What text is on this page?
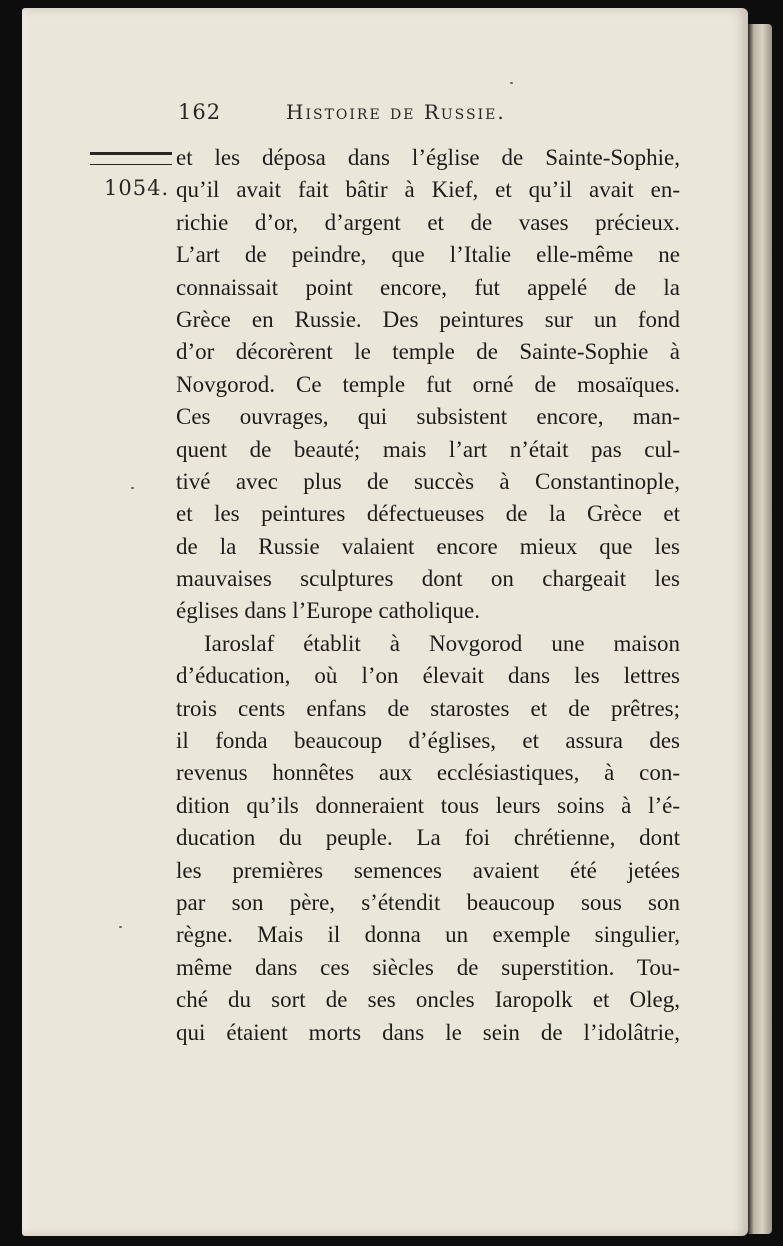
162	Histoire de Russie.
1054.
et les déposa dans l’église de Sainte-Sophie,
qu’il avait fait bâtir à Kief, et qu’il avait en-
richie d’or, d’argent et de vases précieux.
L’art de peindre, que l’Italie elle-même ne
connaissait point encore, fut appelé de la
Grèce en Russie. Des peintures sur un fond
d’or décorèrent le temple de Sainte-Sophie à
Novgorod. Ce temple fut orné de mosaïques.
Ces ouvrages, qui subsistent encore, man-
quent de beauté; mais l’art n’était pas cul-
tivé avec plus de succès à Constantinople,
et les peintures défectueuses de la Grèce et
de la Russie valaient encore mieux que les
mauvaises sculptures dont on chargeait les
églises dans l’Europe catholique.
Iaroslaf établit à Novgorod une maison
d’éducation, où l’on élevait dans les lettres
trois cents enfans de starostes et de prêtres;
il fonda beaucoup d’églises, et assura des
revenus honnêtes aux ecclésiastiques, à con-
dition qu’ils donneraient tous leurs soins à l’é-
ducation du peuple. La foi chrétienne, dont
les premières semences avaient été jetées
par son père, s’étendit beaucoup sous son
règne. Mais il donna un exemple singulier,
même dans ces siècles de superstition. Tou-
ché du sort de ses oncles Iaropolk et Oleg,
qui étaient morts dans le sein de l’idolâtrie,
